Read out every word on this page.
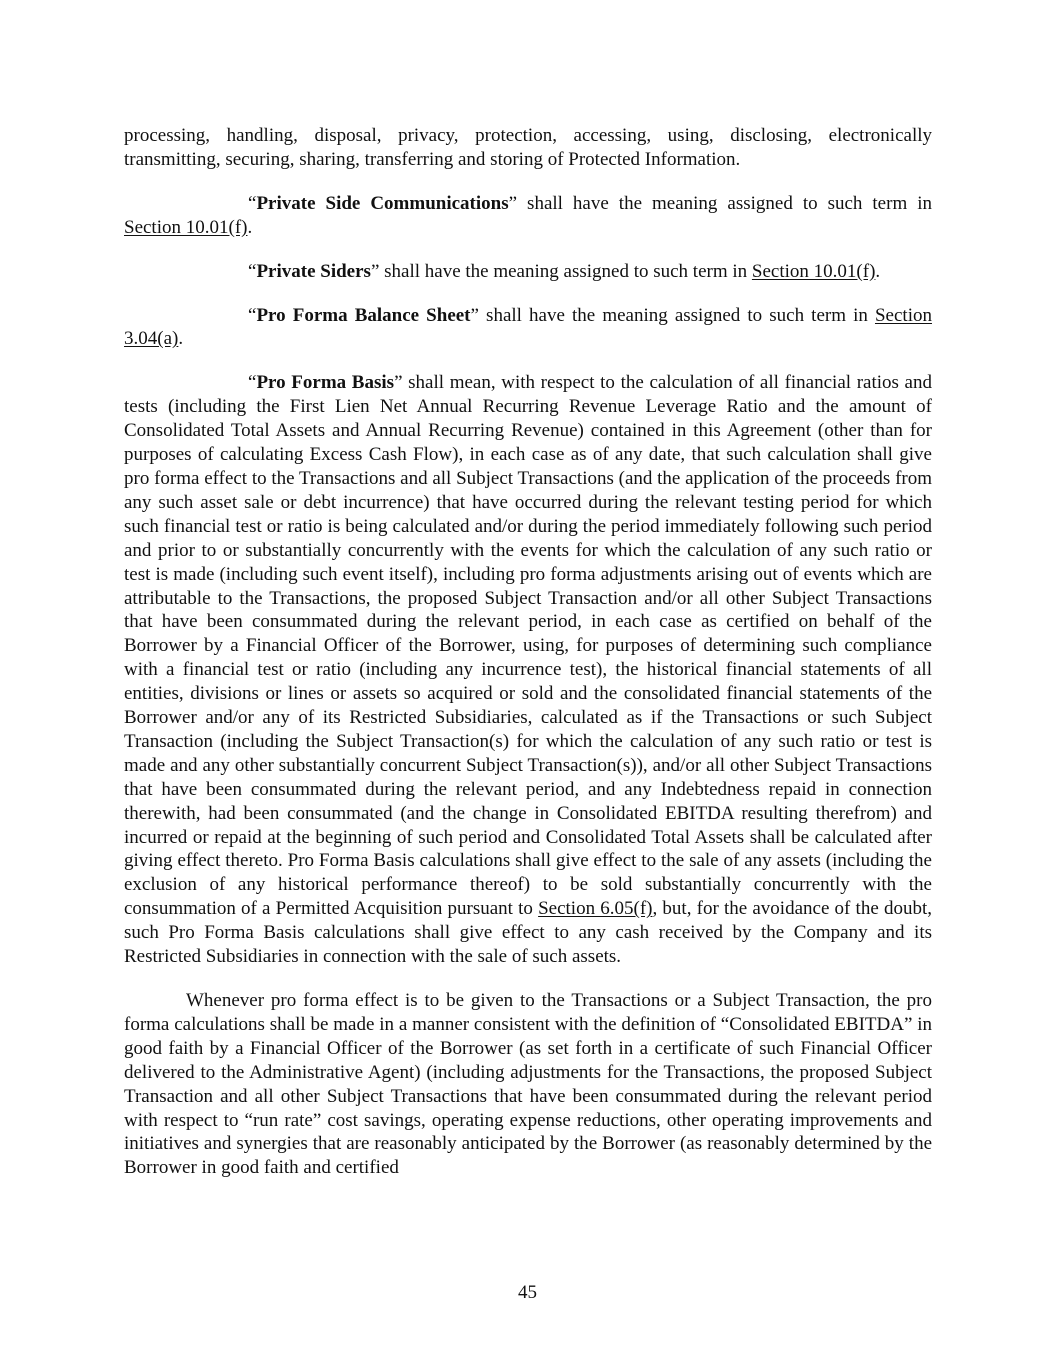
processing, handling, disposal, privacy, protection, accessing, using, disclosing, electronically transmitting, securing, sharing, transferring and storing of Protected Information.

“Private Side Communications” shall have the meaning assigned to such term in Section 10.01(f).

“Private Siders” shall have the meaning assigned to such term in Section 10.01(f).

“Pro Forma Balance Sheet” shall have the meaning assigned to such term in Section 3.04(a).

“Pro Forma Basis” shall mean, with respect to the calculation of all financial ratios and tests (including the First Lien Net Annual Recurring Revenue Leverage Ratio and the amount of Consolidated Total Assets and Annual Recurring Revenue) contained in this Agreement (other than for purposes of calculating Excess Cash Flow), in each case as of any date, that such calculation shall give pro forma effect to the Transactions and all Subject Transactions (and the application of the proceeds from any such asset sale or debt incurrence) that have occurred during the relevant testing period for which such financial test or ratio is being calculated and/or during the period immediately following such period and prior to or substantially concurrently with the events for which the calculation of any such ratio or test is made (including such event itself), including pro forma adjustments arising out of events which are attributable to the Transactions, the proposed Subject Transaction and/or all other Subject Transactions that have been consummated during the relevant period, in each case as certified on behalf of the Borrower by a Financial Officer of the Borrower, using, for purposes of determining such compliance with a financial test or ratio (including any incurrence test), the historical financial statements of all entities, divisions or lines or assets so acquired or sold and the consolidated financial statements of the Borrower and/or any of its Restricted Subsidiaries, calculated as if the Transactions or such Subject Transaction (including the Subject Transaction(s) for which the calculation of any such ratio or test is made and any other substantially concurrent Subject Transaction(s)), and/or all other Subject Transactions that have been consummated during the relevant period, and any Indebtedness repaid in connection therewith, had been consummated (and the change in Consolidated EBITDA resulting therefrom) and incurred or repaid at the beginning of such period and Consolidated Total Assets shall be calculated after giving effect thereto. Pro Forma Basis calculations shall give effect to the sale of any assets (including the exclusion of any historical performance thereof) to be sold substantially concurrently with the consummation of a Permitted Acquisition pursuant to Section 6.05(f), but, for the avoidance of the doubt, such Pro Forma Basis calculations shall give effect to any cash received by the Company and its Restricted Subsidiaries in connection with the sale of such assets.

Whenever pro forma effect is to be given to the Transactions or a Subject Transaction, the pro forma calculations shall be made in a manner consistent with the definition of “Consolidated EBITDA” in good faith by a Financial Officer of the Borrower (as set forth in a certificate of such Financial Officer delivered to the Administrative Agent) (including adjustments for the Transactions, the proposed Subject Transaction and all other Subject Transactions that have been consummated during the relevant period with respect to “run rate” cost savings, operating expense reductions, other operating improvements and initiatives and synergies that are reasonably anticipated by the Borrower (as reasonably determined by the Borrower in good faith and certified

45
